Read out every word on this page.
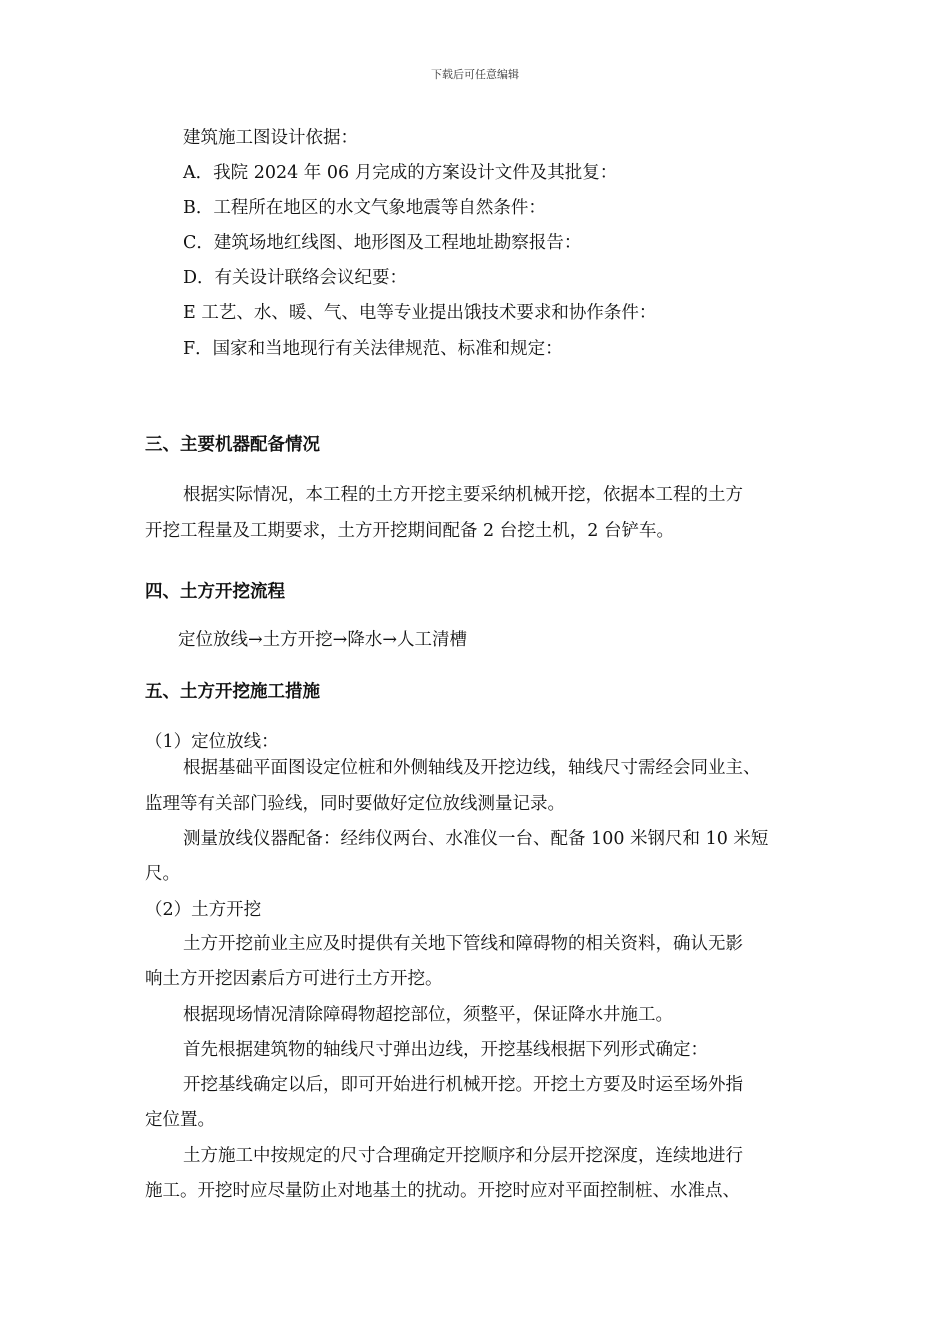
下载后可任意编辑
建筑施工图设计依据：
A．我院 2024 年 06 月完成的方案设计文件及其批复：
B．工程所在地区的水文气象地震等自然条件：
C．建筑场地红线图、地形图及工程地址勘察报告：
D．有关设计联络会议纪要：
E 工艺、水、暖、气、电等专业提出饿技术要求和协作条件：
F．国家和当地现行有关法律规范、标准和规定：
三、主要机器配备情况
根据实际情况，本工程的土方开挖主要采纳机械开挖，依据本工程的土方
开挖工程量及工期要求，土方开挖期间配备 2 台挖土机，2 台铲车。
四、土方开挖流程
定位放线→土方开挖→降水→人工清槽
五、土方开挖施工措施
（1）定位放线：
根据基础平面图设定位桩和外侧轴线及开挖边线，轴线尺寸需经会同业主、
监理等有关部门验线，同时要做好定位放线测量记录。
测量放线仪器配备：经纬仪两台、水准仪一台、配备 100 米钢尺和 10 米短
尺。
（2）土方开挖
土方开挖前业主应及时提供有关地下管线和障碍物的相关资料，确认无影
响土方开挖因素后方可进行土方开挖。
根据现场情况清除障碍物超挖部位，须整平，保证降水井施工。
首先根据建筑物的轴线尺寸弹出边线，开挖基线根据下列形式确定：
开挖基线确定以后，即可开始进行机械开挖。开挖土方要及时运至场外指
定位置。
土方施工中按规定的尺寸合理确定开挖顺序和分层开挖深度，连续地进行
施工。开挖时应尽量防止对地基土的扰动。开挖时应对平面控制桩、水准点、
